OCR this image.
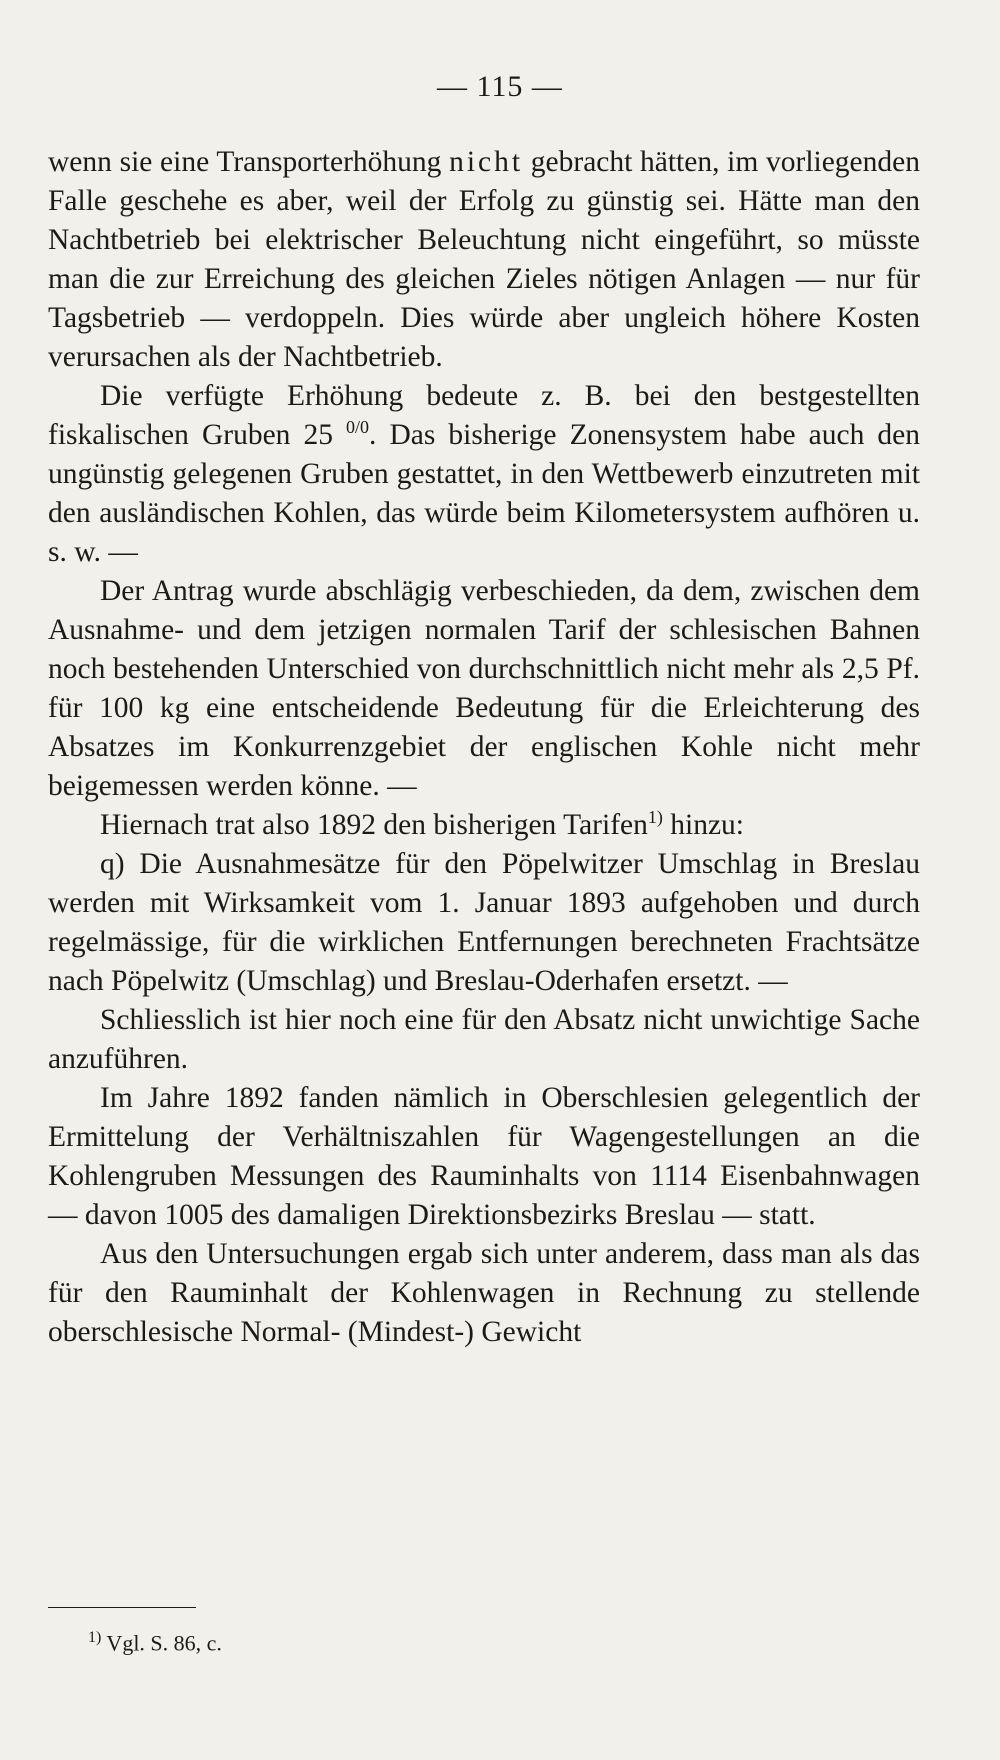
— 115 —

wenn sie eine Transporterhöhung nicht gebracht hätten, im vorliegenden Falle geschehe es aber, weil der Erfolg zu günstig sei. Hätte man den Nachtbetrieb bei elektrischer Beleuchtung nicht eingeführt, so müsste man die zur Erreichung des gleichen Zieles nötigen Anlagen — nur für Tagsbetrieb — verdoppeln. Dies würde aber ungleich höhere Kosten verursachen als der Nachtbetrieb.

Die verfügte Erhöhung bedeute z. B. bei den bestgestellten fiskalischen Gruben 25 $^{0/0}$. Das bisherige Zonensystem habe auch den ungünstig gelegenen Gruben gestattet, in den Wettbewerb einzutreten mit den ausländischen Kohlen, das würde beim Kilometersystem aufhören u. s. w. —

Der Antrag wurde abschlägig verbeschieden, da dem, zwischen dem Ausnahme- und dem jetzigen normalen Tarif der schlesischen Bahnen noch bestehenden Unterschied von durchschnittlich nicht mehr als 2,5 Pf. für 100 kg eine entscheidende Bedeutung für die Erleichterung des Absatzes im Konkurrenzgebiet der englischen Kohle nicht mehr beigemessen werden könne. —

Hiernach trat also 1892 den bisherigen Tarifen$^{1)}$ hinzu:

q) Die Ausnahmesätze für den Pöpelwitzer Umschlag in Breslau werden mit Wirksamkeit vom 1. Januar 1893 aufgehoben und durch regelmässige, für die wirklichen Entfernungen berechneten Frachtsätze nach Pöpelwitz (Umschlag) und Breslau-Oderhafen ersetzt. —

Schliesslich ist hier noch eine für den Absatz nicht unwichtige Sache anzuführen.

Im Jahre 1892 fanden nämlich in Oberschlesien gelegentlich der Ermittelung der Verhältniszahlen für Wagengestellungen an die Kohlengruben Messungen des Rauminhalts von 1114 Eisenbahnwagen — davon 1005 des damaligen Direktionsbezirks Breslau — statt.

Aus den Untersuchungen ergab sich unter anderem, dass man als das für den Rauminhalt der Kohlenwagen in Rechnung zu stellende oberschlesische Normal- (Mindest-) Gewicht

$^{1)}$ Vgl. S. 86, c.
